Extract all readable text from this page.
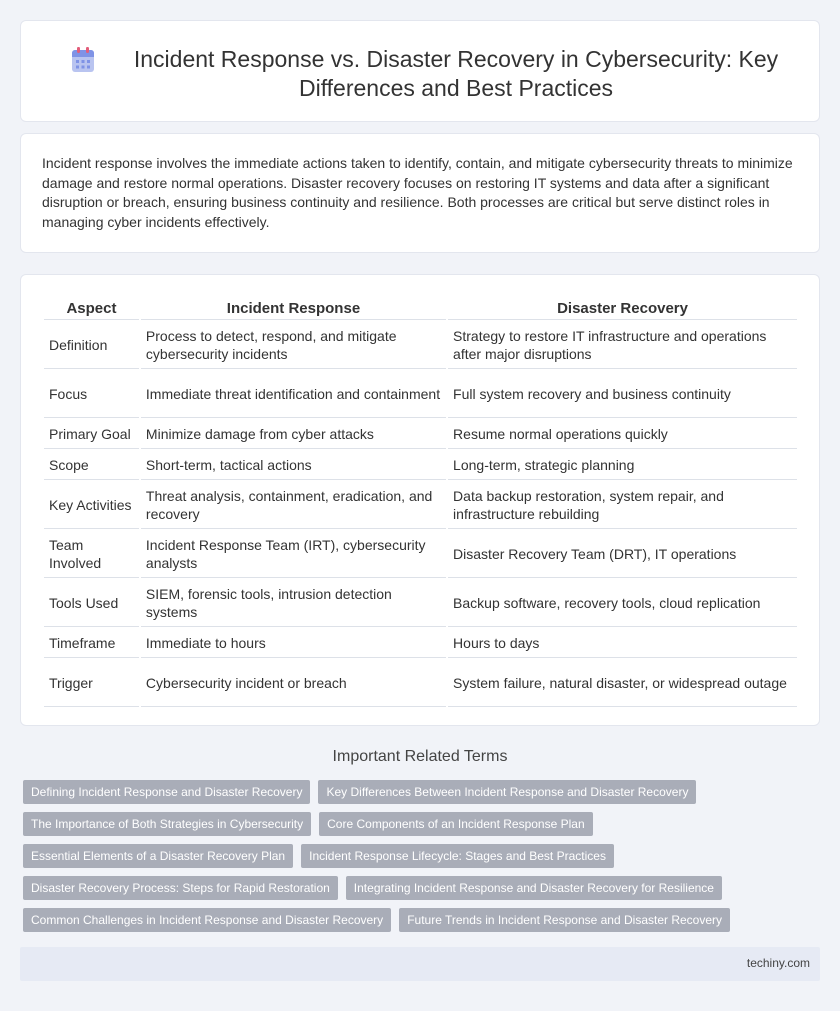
Incident Response vs. Disaster Recovery in Cybersecurity: Key Differences and Best Practices

Incident response involves the immediate actions taken to identify, contain, and mitigate cybersecurity threats to minimize damage and restore normal operations. Disaster recovery focuses on restoring IT systems and data after a significant disruption or breach, ensuring business continuity and resilience. Both processes are critical but serve distinct roles in managing cyber incidents effectively.

Aspect	Incident Response	Disaster Recovery
Definition	Process to detect, respond, and mitigate cybersecurity incidents	Strategy to restore IT infrastructure and operations after major disruptions
Focus	Immediate threat identification and containment	Full system recovery and business continuity
Primary Goal	Minimize damage from cyber attacks	Resume normal operations quickly
Scope	Short-term, tactical actions	Long-term, strategic planning
Key Activities	Threat analysis, containment, eradication, and recovery	Data backup restoration, system repair, and infrastructure rebuilding
Team Involved	Incident Response Team (IRT), cybersecurity analysts	Disaster Recovery Team (DRT), IT operations
Tools Used	SIEM, forensic tools, intrusion detection systems	Backup software, recovery tools, cloud replication
Timeframe	Immediate to hours	Hours to days
Trigger	Cybersecurity incident or breach	System failure, natural disaster, or widespread outage
Important Related Terms
Defining Incident Response and Disaster Recovery	Key Differences Between Incident Response and Disaster Recovery
The Importance of Both Strategies in Cybersecurity	Core Components of an Incident Response Plan
Essential Elements of a Disaster Recovery Plan	Incident Response Lifecycle: Stages and Best Practices
Disaster Recovery Process: Steps for Rapid Restoration	Integrating Incident Response and Disaster Recovery for Resilience
Common Challenges in Incident Response and Disaster Recovery	Future Trends in Incident Response and Disaster Recovery
techiny.com
